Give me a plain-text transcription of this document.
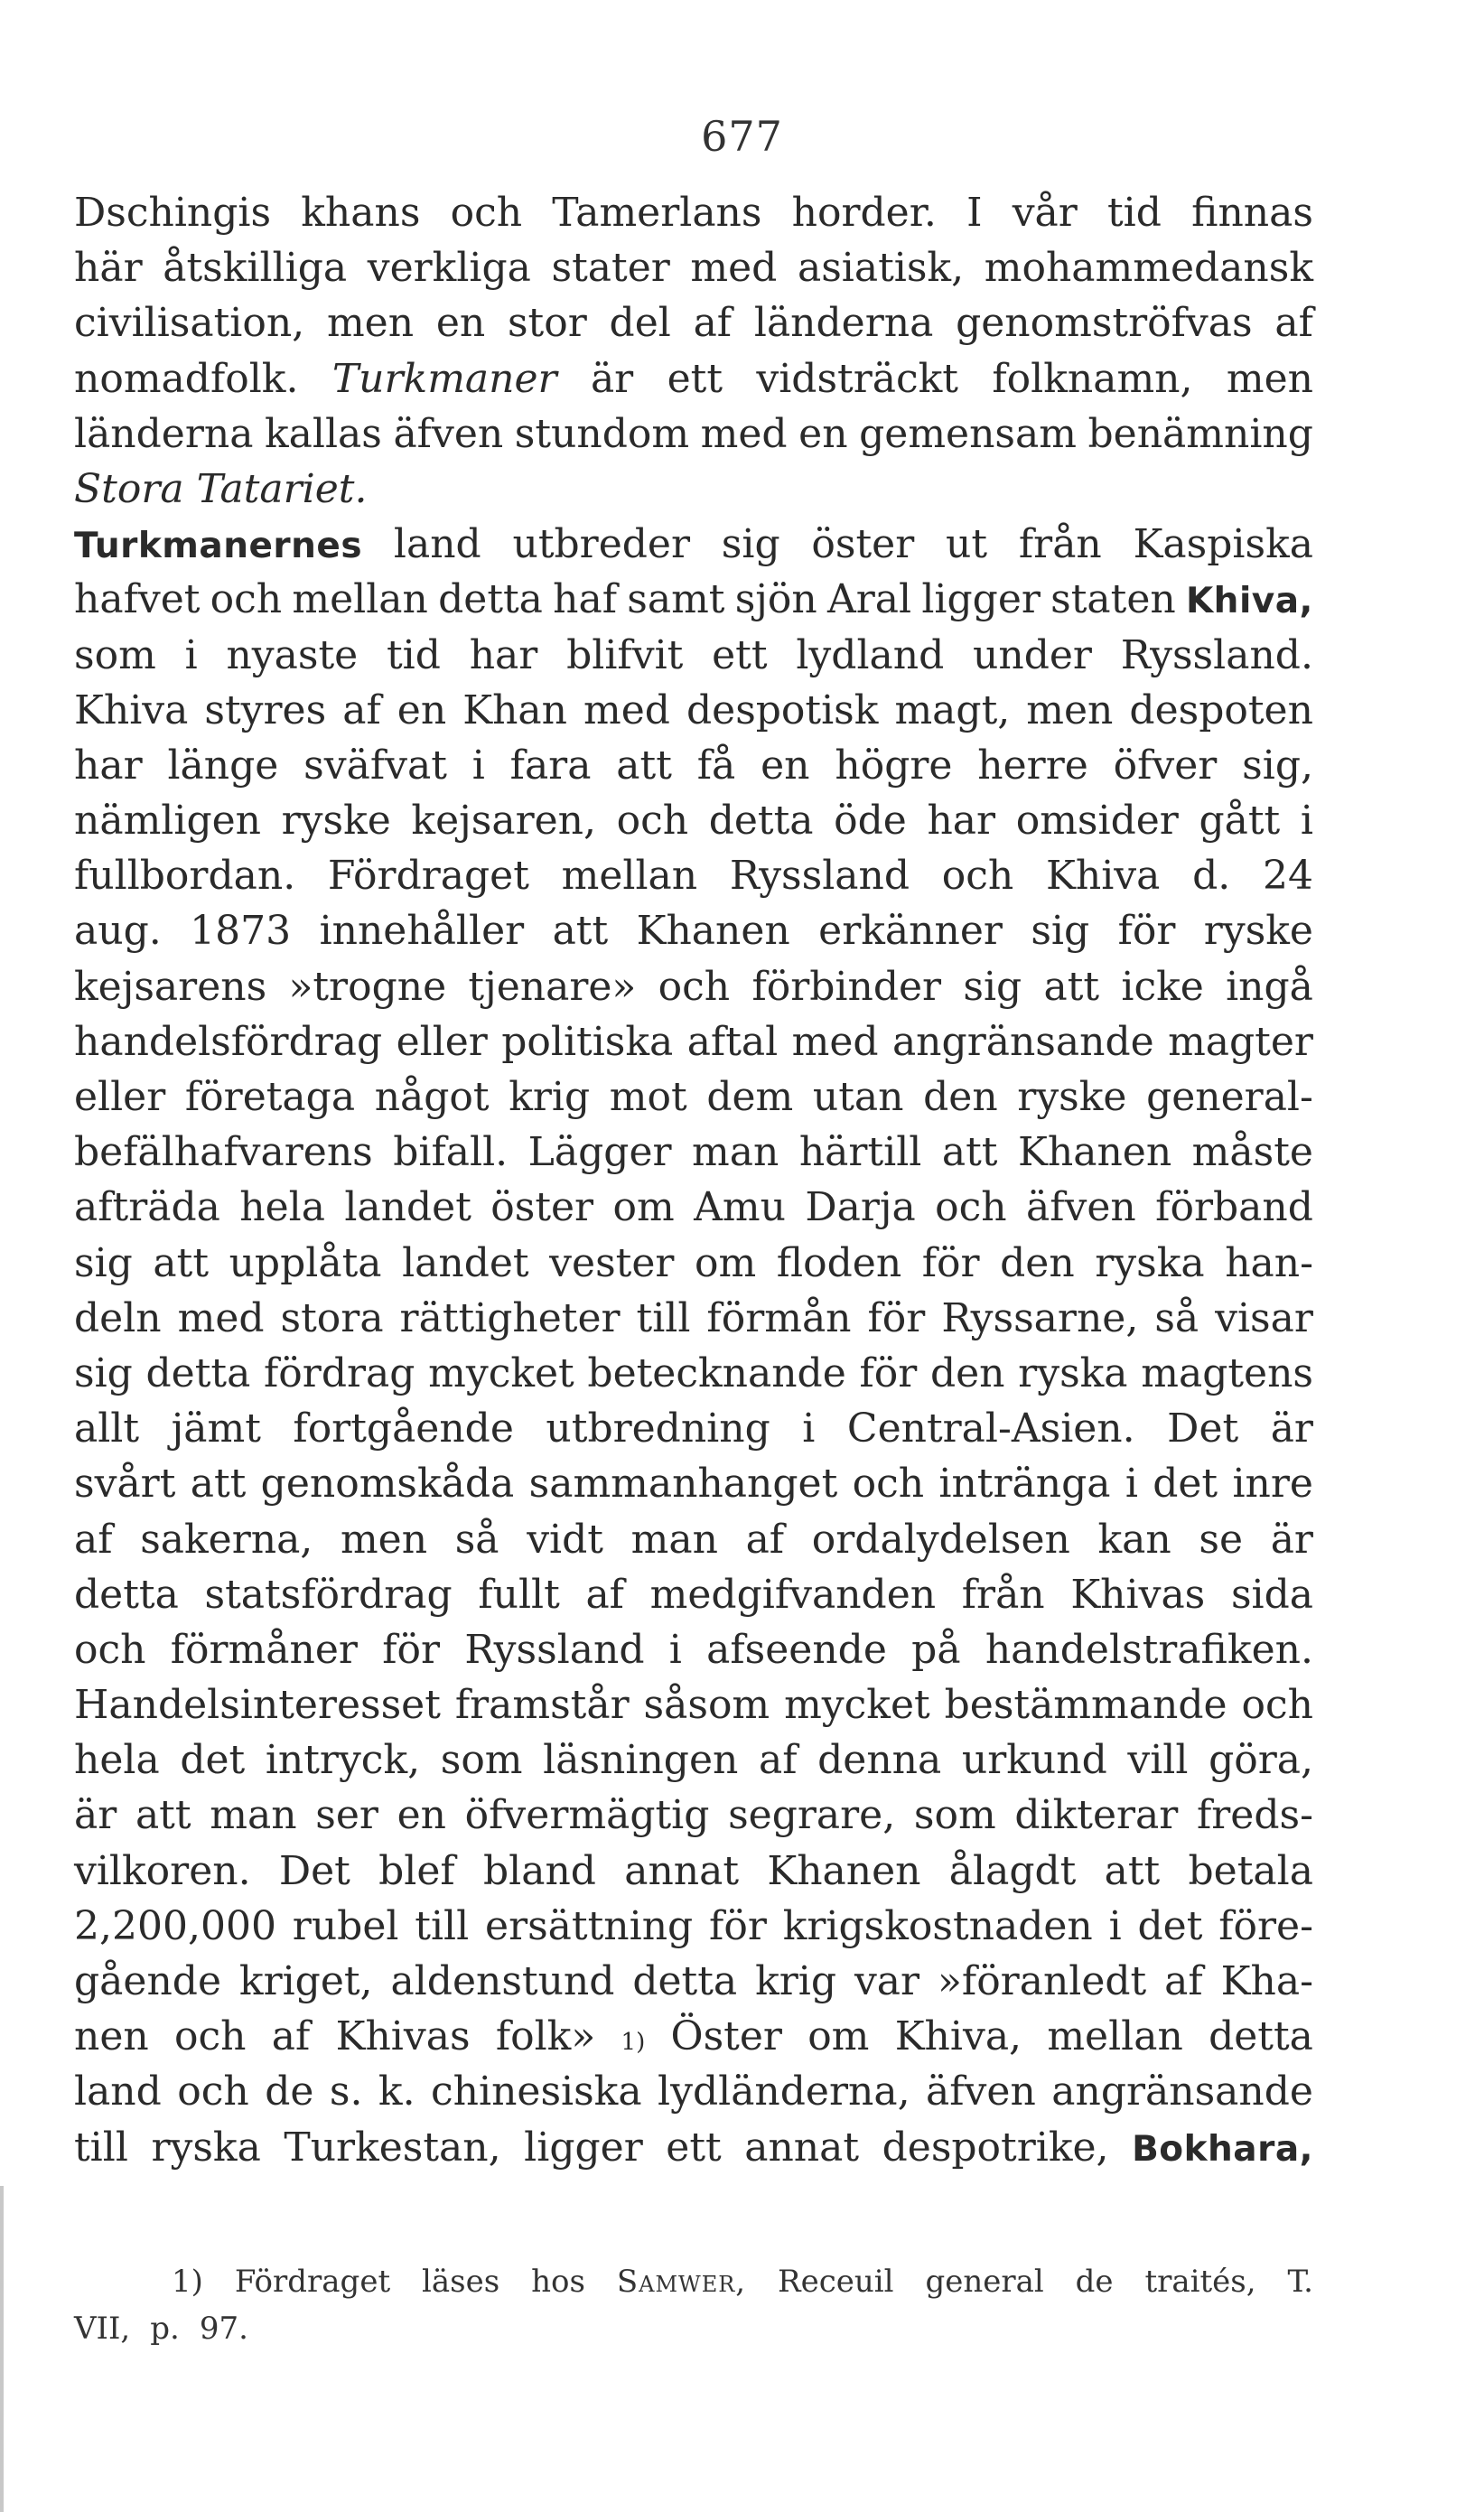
677
Dschingis khans och Tamerlans horder. I vår tid finnas
här åtskilliga verkliga stater med asiatisk, mohammedansk
civilisation, men en stor del af länderna genomströfvas af
nomadfolk. Turkmaner är ett vidsträckt folknamn, men
länderna kallas äfven stundom med en gemensam benämning
Stora Tatariet.
Turkmanernes land utbreder sig öster ut från Kaspiska
hafvet och mellan detta haf samt sjön Aral ligger staten Khiva,
som i nyaste tid har blifvit ett lydland under Ryssland.
Khiva styres af en Khan med despotisk magt, men despoten
har länge sväfvat i fara att få en högre herre öfver sig,
nämligen ryske kejsaren, och detta öde har omsider gått i
fullbordan. Fördraget mellan Ryssland och Khiva d. 24
aug. 1873 innehåller att Khanen erkänner sig för ryske
kejsarens »trogne tjenare» och förbinder sig att icke ingå
handelsfördrag eller politiska aftal med angränsande magter
eller företaga något krig mot dem utan den ryske general-
befälhafvarens bifall. Lägger man härtill att Khanen måste
afträda hela landet öster om Amu Darja och äfven förband
sig att upplåta landet vester om floden för den ryska han-
deln med stora rättigheter till förmån för Ryssarne, så visar
sig detta fördrag mycket betecknande för den ryska magtens
allt jämt fortgående utbredning i Central-Asien. Det är
svårt att genomskåda sammanhanget och intränga i det inre
af sakerna, men så vidt man af ordalydelsen kan se är
detta statsfördrag fullt af medgifvanden från Khivas sida
och förmåner för Ryssland i afseende på handelstrafiken.
Handelsinteresset framstår såsom mycket bestämmande och
hela det intryck, som läsningen af denna urkund vill göra,
är att man ser en öfvermägtig segrare, som dikterar freds-
vilkoren. Det blef bland annat Khanen ålagdt att betala
2,200,000 rubel till ersättning för krigskostnaden i det före-
gående kriget, aldenstund detta krig var »föranledt af Kha-
nen och af Khivas folk» 1) Öster om Khiva, mellan detta
land och de s. k. chinesiska lydländerna, äfven angränsande
till ryska Turkestan, ligger ett annat despotrike, Bokhara,
1) Fördraget läses hos Samwer, Receuil general de traités, T.
VII, p. 97.
